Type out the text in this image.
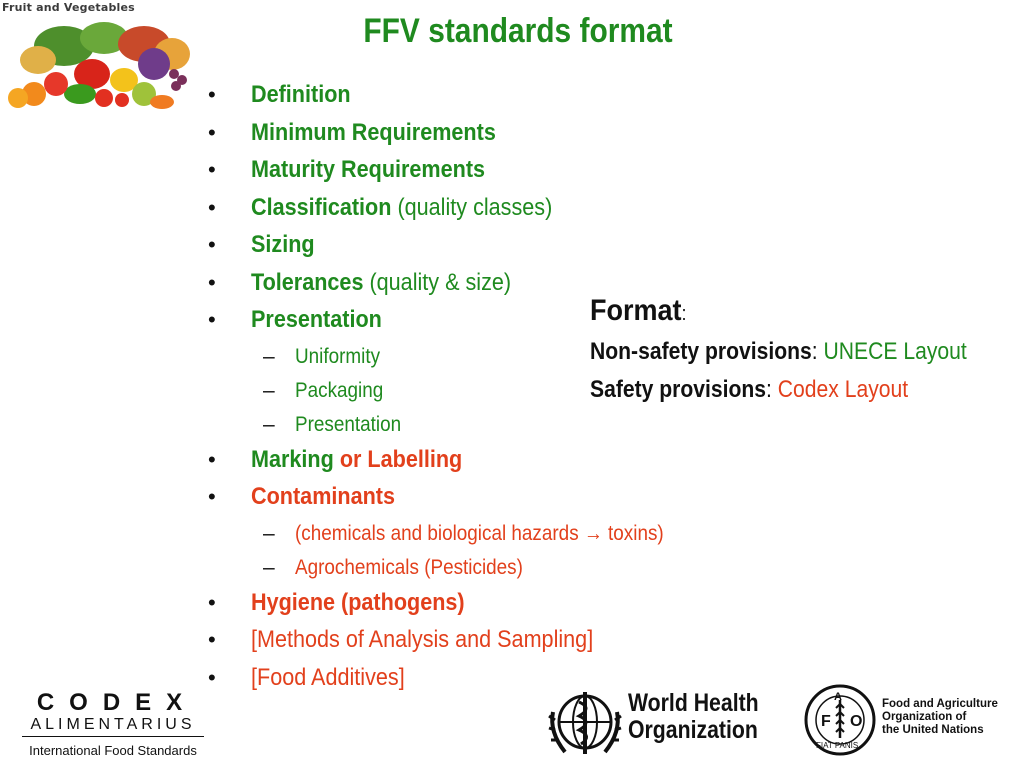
Fruit and Vegetables
FFV standards format
• Definition
• Minimum Requirements
• Maturity Requirements
• Classification (quality classes)
• Sizing
• Tolerances (quality & size)
• Presentation
– Uniformity
– Packaging
– Presentation
• Marking or Labelling
• Contaminants
– (chemicals and biological hazards → toxins)
– Agrochemicals (Pesticides)
• Hygiene (pathogens)
• [Methods of Analysis and Sampling]
• [Food Additives]
Format:
Non-safety provisions: UNECE Layout
Safety provisions: Codex Layout
CODEX
ALIMENTARIUS
International Food Standards
World Health
Organization	F
A
O
FIAT PANIS
Food and Agriculture
Organization of
the United Nations
